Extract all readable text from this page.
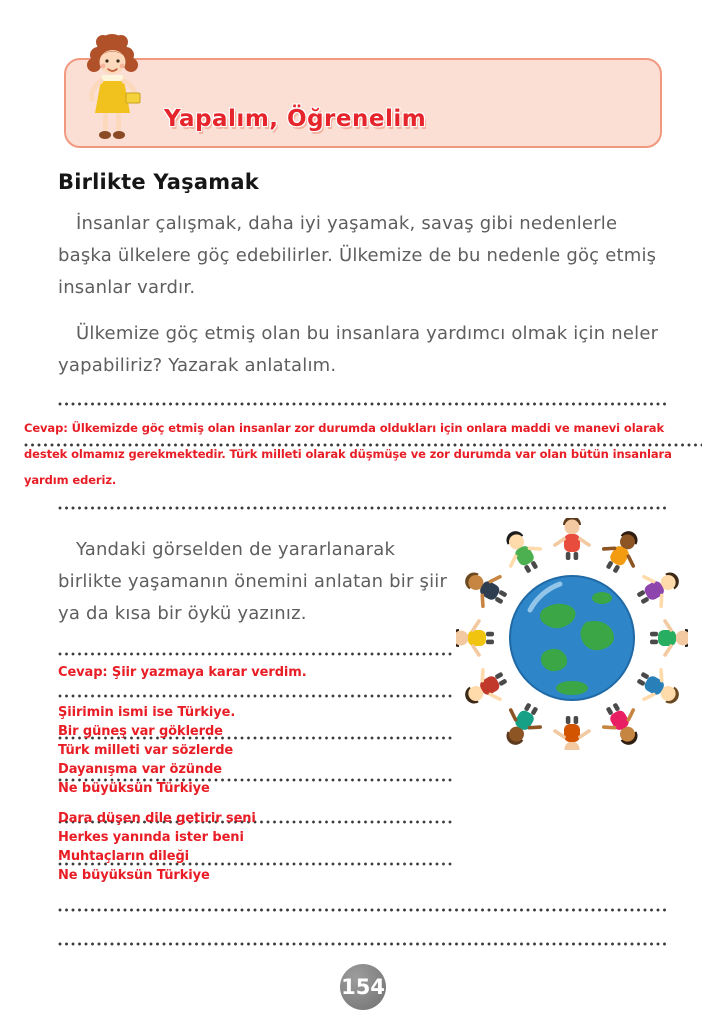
Yapalım, Öğrenelim
Birlikte Yaşamak

İnsanlar çalışmak, daha iyi yaşamak, savaş gibi nedenlerle başka ülkelere göç edebilirler. Ülkemize de bu nedenle göç etmiş insanlar vardır.

Ülkemize göç etmiş olan bu insanlara yardımcı olmak için neler yapabiliriz? Yazarak anlatalım.

Cevap: Ülkemizde göç etmiş olan insanlar zor durumda oldukları için onlara maddi ve manevi olarak destek olmamız gerekmektedir. Türk milleti olarak düşmüşe ve zor durumda var olan bütün insanlara yardım ederiz.

Yandaki görselden de yararlanarak birlikte yaşamanın önemini anlatan bir şiir ya da kısa bir öykü yazınız.

Cevap: Şiir yazmaya karar verdim.

Şiirimin ismi ise Türkiye.

Bir güneş var göklerde

Türk milleti var sözlerde

Dayanışma var özünde

Ne büyüksün Türkiye

Dara düşen dile getirir seni

Herkes yanında ister beni

Muhtaçların dileği

Ne büyüksün Türkiye

154
